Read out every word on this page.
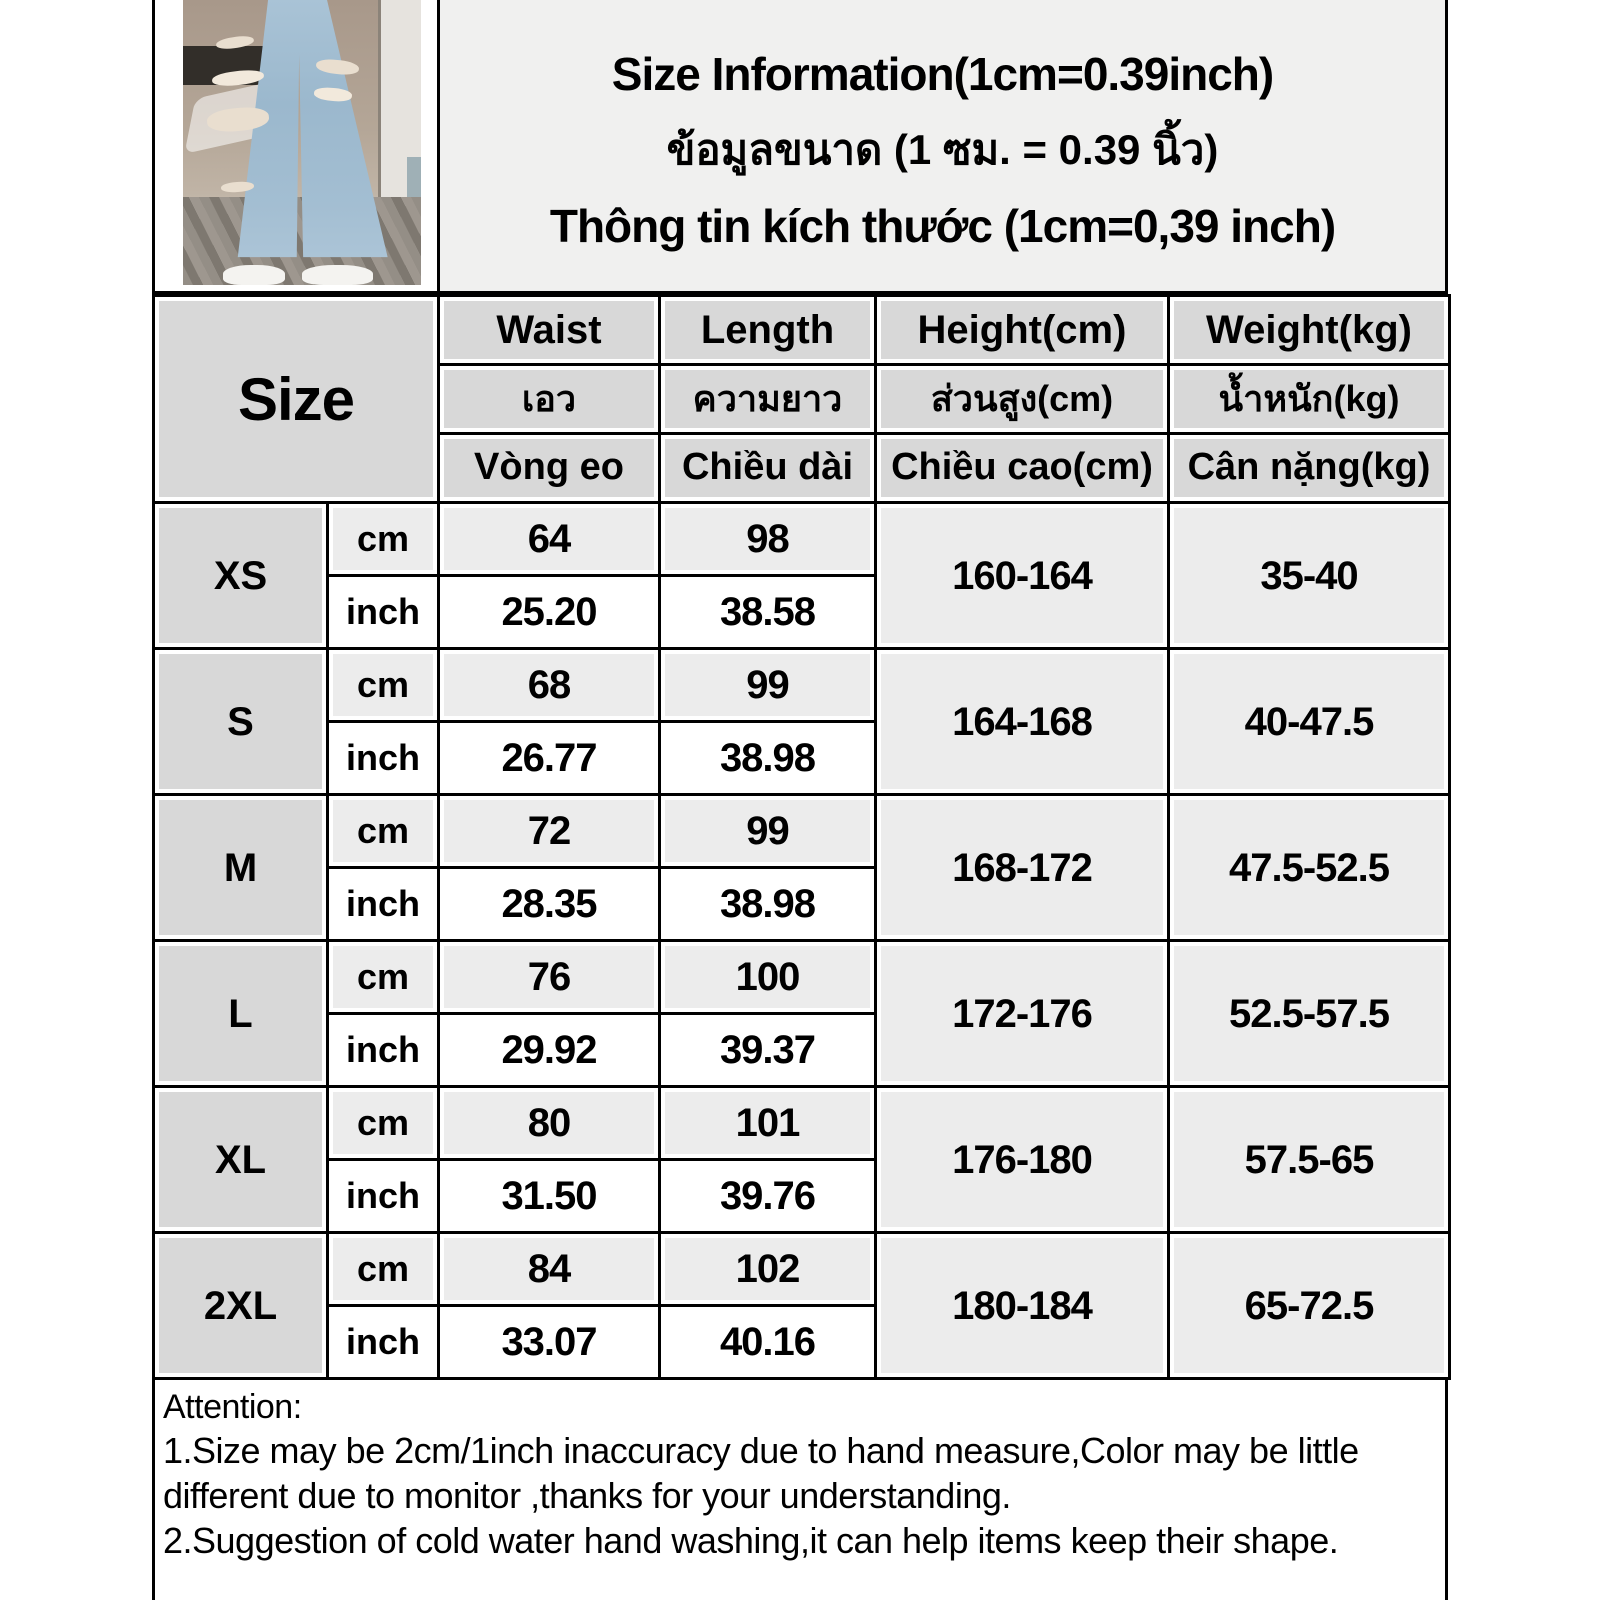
Size Information(1cm=0.39inch)
ข้อมูลขนาด (1 ซม. = 0.39 นิ้ว)
Thông tin kích thước (1cm=0,39 inch)
Size		Waist	Length	Height(cm)	Weight(kg)

เอว	ความยาว	ส่วนสูง(cm)	น้ำหนัก(kg)

Vòng eo	Chiều dài	Chiều cao(cm)	Cân nặng(kg)

XS	cm	64	98	160-164	35-40

inch	25.20	38.58		

S	cm	68	99	164-168	40-47.5

inch	26.77	38.98		

M	cm	72	99	168-172	47.5-52.5

inch	28.35	38.98		

L	cm	76	100	172-176	52.5-57.5

inch	29.92	39.37		

XL	cm	80	101	176-180	57.5-65

inch	31.50	39.76		

2XL	cm	84	102	180-184	65-72.5

inch	33.07	40.16		
Attention:
1.Size may be 2cm/1inch inaccuracy due to hand measure,Color may be little
different due to monitor ,thanks for your understanding.
2.Suggestion of cold water hand washing,it can help items keep their shape.
